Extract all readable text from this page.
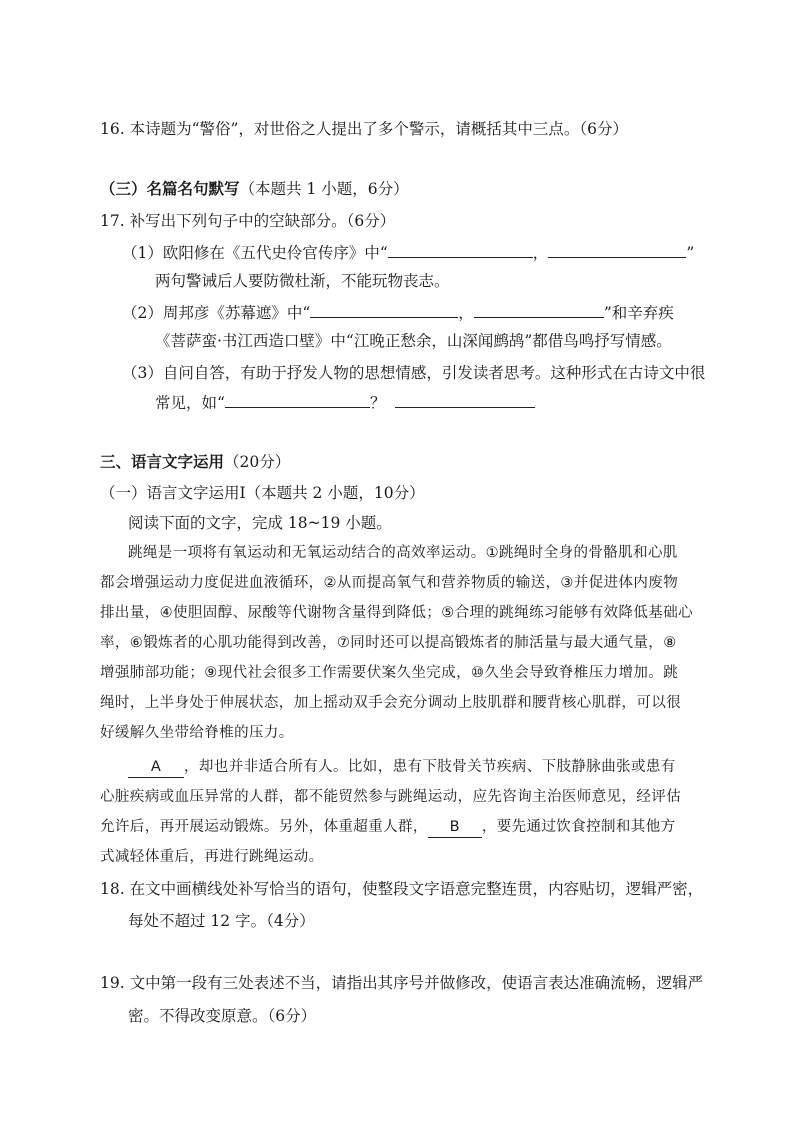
16. 本诗题为“警俗”，对世俗之人提出了多个警示，请概括其中三点。（6分）
（三）名篇名句默写（本题共 1 小题，6分）
17. 补写出下列句子中的空缺部分。（6分）
（1）欧阳修在《五代史伶官传序》中“	，	”
两句警诫后人要防微杜渐，不能玩物丧志。
（2）周邦彦《苏幕遮》中“	，	”和辛弃疾
《菩萨蛮·书江西造口壁》中“江晚正愁余，山深闻鹧鸪”都借鸟鸣抒写情感。
（3）自问自答，有助于抒发人物的思想情感，引发读者思考。这种形式在古诗文中很
常见，如“	？
三、语言文字运用（20分）
（一）语言文字运用Ⅰ（本题共 2 小题，10分）
阅读下面的文字，完成 18~19 小题。
跳绳是一项将有氧运动和无氧运动结合的高效率运动。①跳绳时全身的骨骼肌和心肌
都会增强运动力度促进血液循环，②从而提高氧气和营养物质的输送，③并促进体内废物
排出量，④使胆固醇、尿酸等代谢物含量得到降低；⑤合理的跳绳练习能够有效降低基础心
率，⑥锻炼者的心肌功能得到改善，⑦同时还可以提高锻炼者的肺活量与最大通气量，⑧
增强肺部功能；⑨现代社会很多工作需要伏案久坐完成，⑩久坐会导致脊椎压力增加。跳
绳时，上半身处于伸展状态，加上摇动双手会充分调动上肢肌群和腰背核心肌群，可以很
好缓解久坐带给脊椎的压力。
A ，却也并非适合所有人。比如，患有下肢骨关节疾病、下肢静脉曲张或患有
心脏疾病或血压异常的人群，都不能贸然参与跳绳运动，应先咨询主治医师意见，经评估
允许后，再开展运动锻炼。另外，体重超重人群， B ，要先通过饮食控制和其他方
式减轻体重后，再进行跳绳运动。
18. 在文中画横线处补写恰当的语句，使整段文字语意完整连贯，内容贴切，逻辑严密，
每处不超过 12 字。（4分）
19. 文中第一段有三处表述不当，请指出其序号并做修改，使语言表达准确流畅，逻辑严
密。不得改变原意。（6分）
